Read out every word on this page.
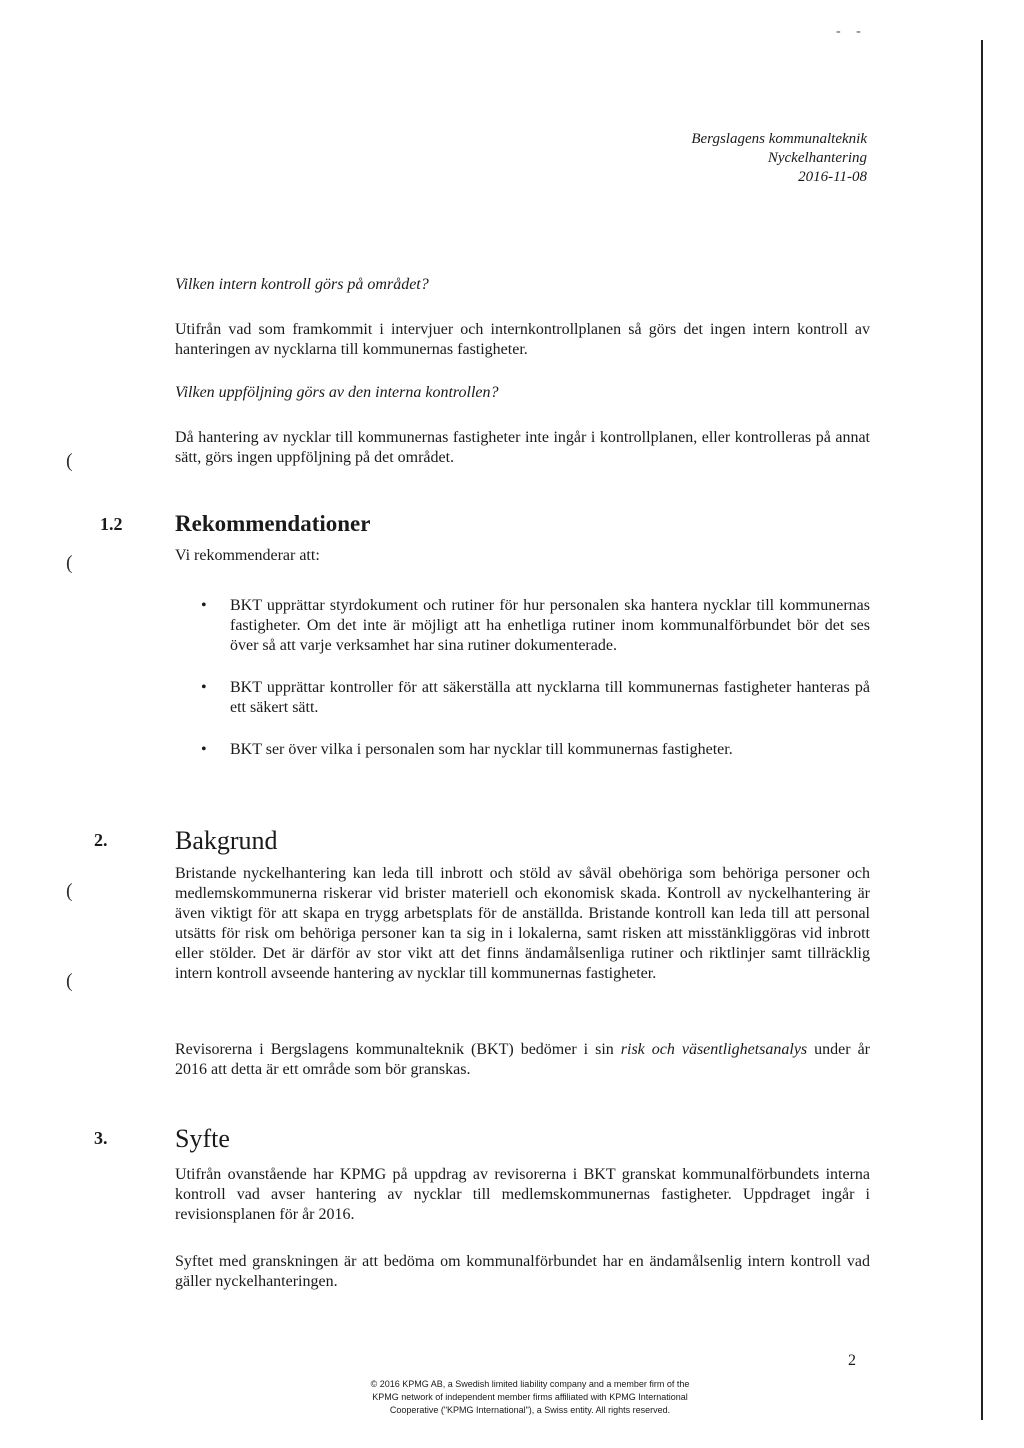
- -
Bergslagens kommunalteknik
Nyckelhantering
2016-11-08
Vilken intern kontroll görs på området?
Utifrån vad som framkommit i intervjuer och internkontrollplanen så görs det ingen intern kontroll av hanteringen av nycklarna till kommunernas fastigheter.
Vilken uppföljning görs av den interna kontrollen?
Då hantering av nycklar till kommunernas fastigheter inte ingår i kontrollplanen, eller kontrolleras på annat sätt, görs ingen uppföljning på det området.
(
(
(
(
1.2 Rekommendationer
Vi rekommenderar att:
• BKT upprättar styrdokument och rutiner för hur personalen ska hantera nycklar till kommunernas fastigheter. Om det inte är möjligt att ha enhetliga rutiner inom kommunalförbundet bör det ses över så att varje verksamhet har sina rutiner dokumenterade.
• BKT upprättar kontroller för att säkerställa att nycklarna till kommunernas fastigheter hanteras på ett säkert sätt.
• BKT ser över vilka i personalen som har nycklar till kommunernas fastigheter.
2.	Bakgrund
Bristande nyckelhantering kan leda till inbrott och stöld av såväl obehöriga som behöriga personer och medlemskommunerna riskerar vid brister materiell och ekonomisk skada. Kontroll av nyckelhantering är även viktigt för att skapa en trygg arbetsplats för de anställda. Bristande kontroll kan leda till att personal utsätts för risk om behöriga personer kan ta sig in i lokalerna, samt risken att misstänkliggöras vid inbrott eller stölder. Det är därför av stor vikt att det finns ändamålsenliga rutiner och riktlinjer samt tillräcklig intern kontroll avseende hantering av nycklar till kommunernas fastigheter.
Revisorerna i Bergslagens kommunalteknik (BKT) bedömer i sin risk och väsentlighetsanalys under år 2016 att detta är ett område som bör granskas.
3.	Syfte
Utifrån ovanstående har KPMG på uppdrag av revisorerna i BKT granskat kommunalförbundets interna kontroll vad avser hantering av nycklar till medlemskommunernas fastigheter. Uppdraget ingår i revisionsplanen för år 2016.
Syftet med granskningen är att bedöma om kommunalförbundet har en ändamålsenlig intern kontroll vad gäller nyckelhanteringen.
© 2016 KPMG AB, a Swedish limited liability company and a member firm of the
KPMG network of independent member firms affiliated with KPMG International
Cooperative ("KPMG International"), a Swiss entity. All rights reserved.
2
